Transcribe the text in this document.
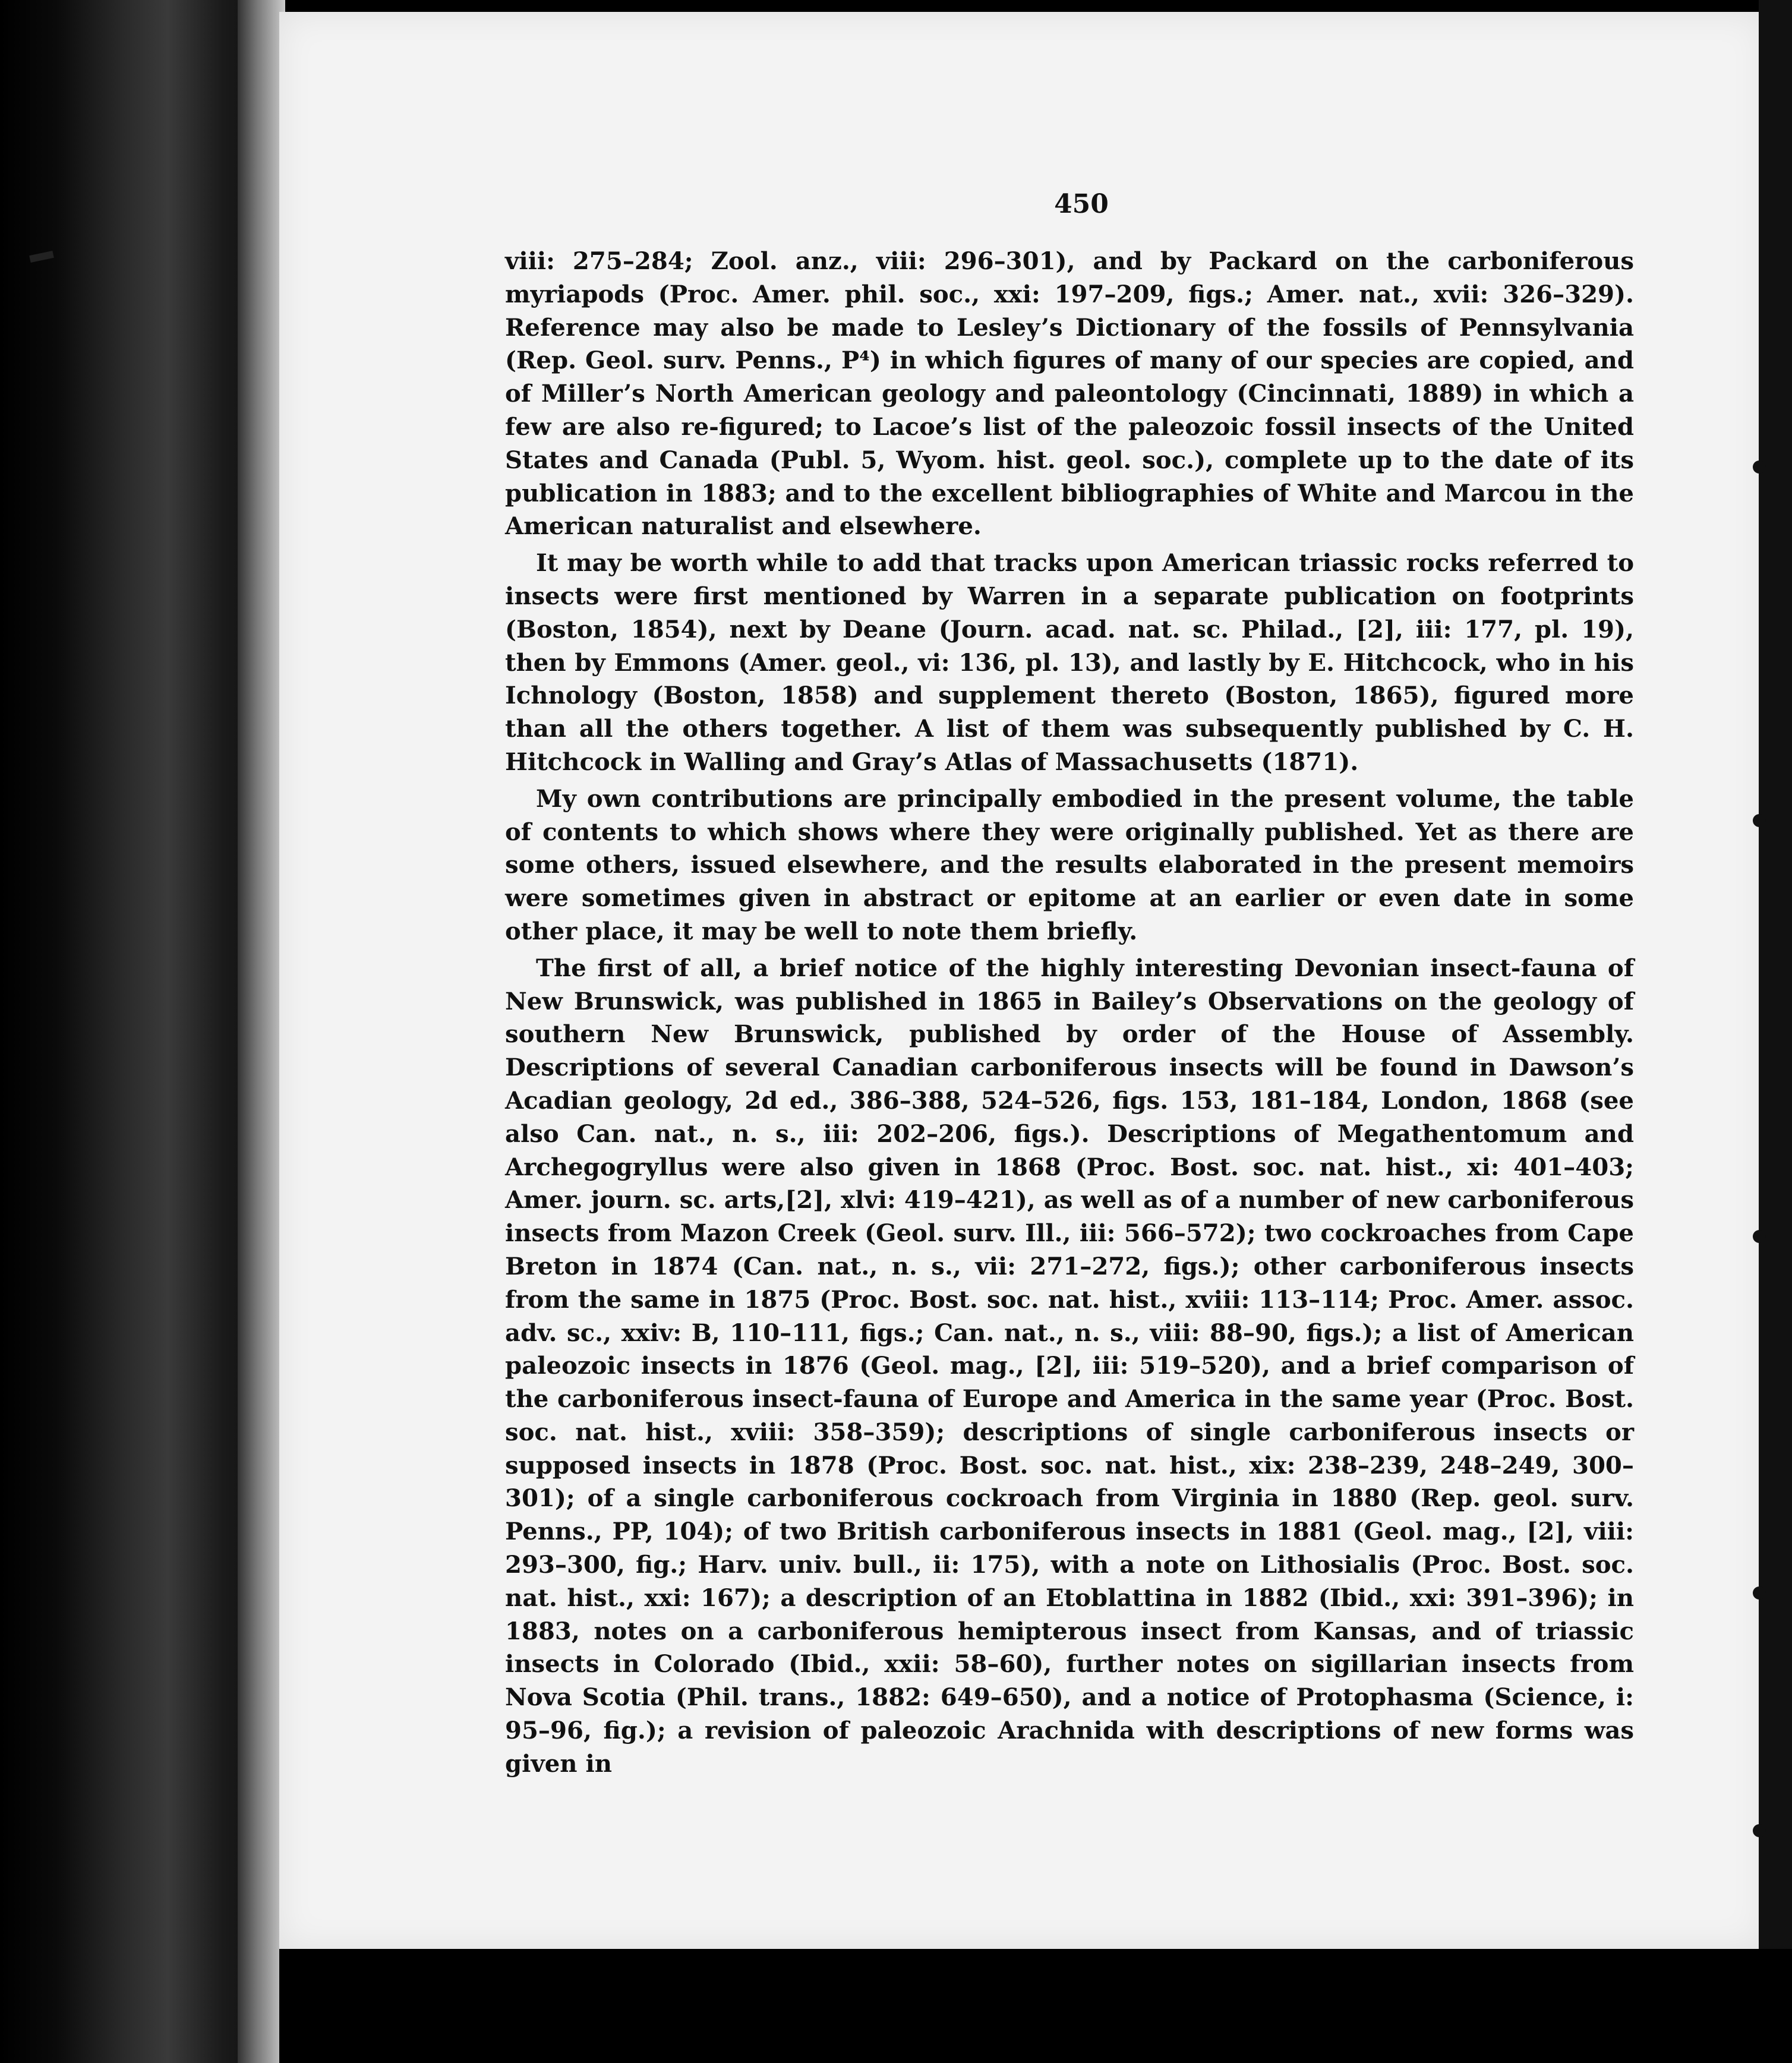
450

viii: 275–284; Zool. anz., viii: 296–301), and by Packard on the carboniferous myriapods (Proc. Amer. phil. soc., xxi: 197–209, figs.; Amer. nat., xvii: 326–329). Reference may also be made to Lesley’s Dictionary of the fossils of Pennsylvania (Rep. Geol. surv. Penns., P⁴) in which figures of many of our species are copied, and of Miller’s North American geology and paleontology (Cincinnati, 1889) in which a few are also re-figured; to Lacoe’s list of the paleozoic fossil insects of the United States and Canada (Publ. 5, Wyom. hist. geol. soc.), complete up to the date of its publication in 1883; and to the excellent bibliographies of White and Marcou in the American naturalist and elsewhere.

It may be worth while to add that tracks upon American triassic rocks referred to insects were first mentioned by Warren in a separate publication on footprints (Boston, 1854), next by Deane (Journ. acad. nat. sc. Philad., [2], iii: 177, pl. 19), then by Emmons (Amer. geol., vi: 136, pl. 13), and lastly by E. Hitchcock, who in his Ichnology (Boston, 1858) and supplement thereto (Boston, 1865), figured more than all the others together. A list of them was subsequently published by C. H. Hitchcock in Walling and Gray’s Atlas of Massachusetts (1871).

My own contributions are principally embodied in the present volume, the table of contents to which shows where they were originally published. Yet as there are some others, issued elsewhere, and the results elaborated in the present memoirs were sometimes given in abstract or epitome at an earlier or even date in some other place, it may be well to note them briefly.

The first of all, a brief notice of the highly interesting Devonian insect-fauna of New Brunswick, was published in 1865 in Bailey’s Observations on the geology of southern New Brunswick, published by order of the House of Assembly. Descriptions of several Canadian carboniferous insects will be found in Dawson’s Acadian geology, 2d ed., 386–388, 524–526, figs. 153, 181–184, London, 1868 (see also Can. nat., n. s., iii: 202–206, figs.). Descriptions of Megathentomum and Archegogryllus were also given in 1868 (Proc. Bost. soc. nat. hist., xi: 401–403; Amer. journ. sc. arts,[2], xlvi: 419–421), as well as of a number of new carboniferous insects from Mazon Creek (Geol. surv. Ill., iii: 566–572); two cockroaches from Cape Breton in 1874 (Can. nat., n. s., vii: 271–272, figs.); other carboniferous insects from the same in 1875 (Proc. Bost. soc. nat. hist., xviii: 113–114; Proc. Amer. assoc. adv. sc., xxiv: B, 110–111, figs.; Can. nat., n. s., viii: 88–90, figs.); a list of American paleozoic insects in 1876 (Geol. mag., [2], iii: 519–520), and a brief comparison of the carboniferous insect-fauna of Europe and America in the same year (Proc. Bost. soc. nat. hist., xviii: 358–359); descriptions of single carboniferous insects or supposed insects in 1878 (Proc. Bost. soc. nat. hist., xix: 238–239, 248–249, 300–301); of a single carboniferous cockroach from Virginia in 1880 (Rep. geol. surv. Penns., PP, 104); of two British carboniferous insects in 1881 (Geol. mag., [2], viii: 293–300, fig.; Harv. univ. bull., ii: 175), with a note on Lithosialis (Proc. Bost. soc. nat. hist., xxi: 167); a description of an Etoblattina in 1882 (Ibid., xxi: 391–396); in 1883, notes on a carboniferous hemipterous insect from Kansas, and of triassic insects in Colorado (Ibid., xxii: 58–60), further notes on sigillarian insects from Nova Scotia (Phil. trans., 1882: 649–650), and a notice of Protophasma (Science, i: 95–96, fig.); a revision of paleozoic Arachnida with descriptions of new forms was given in
